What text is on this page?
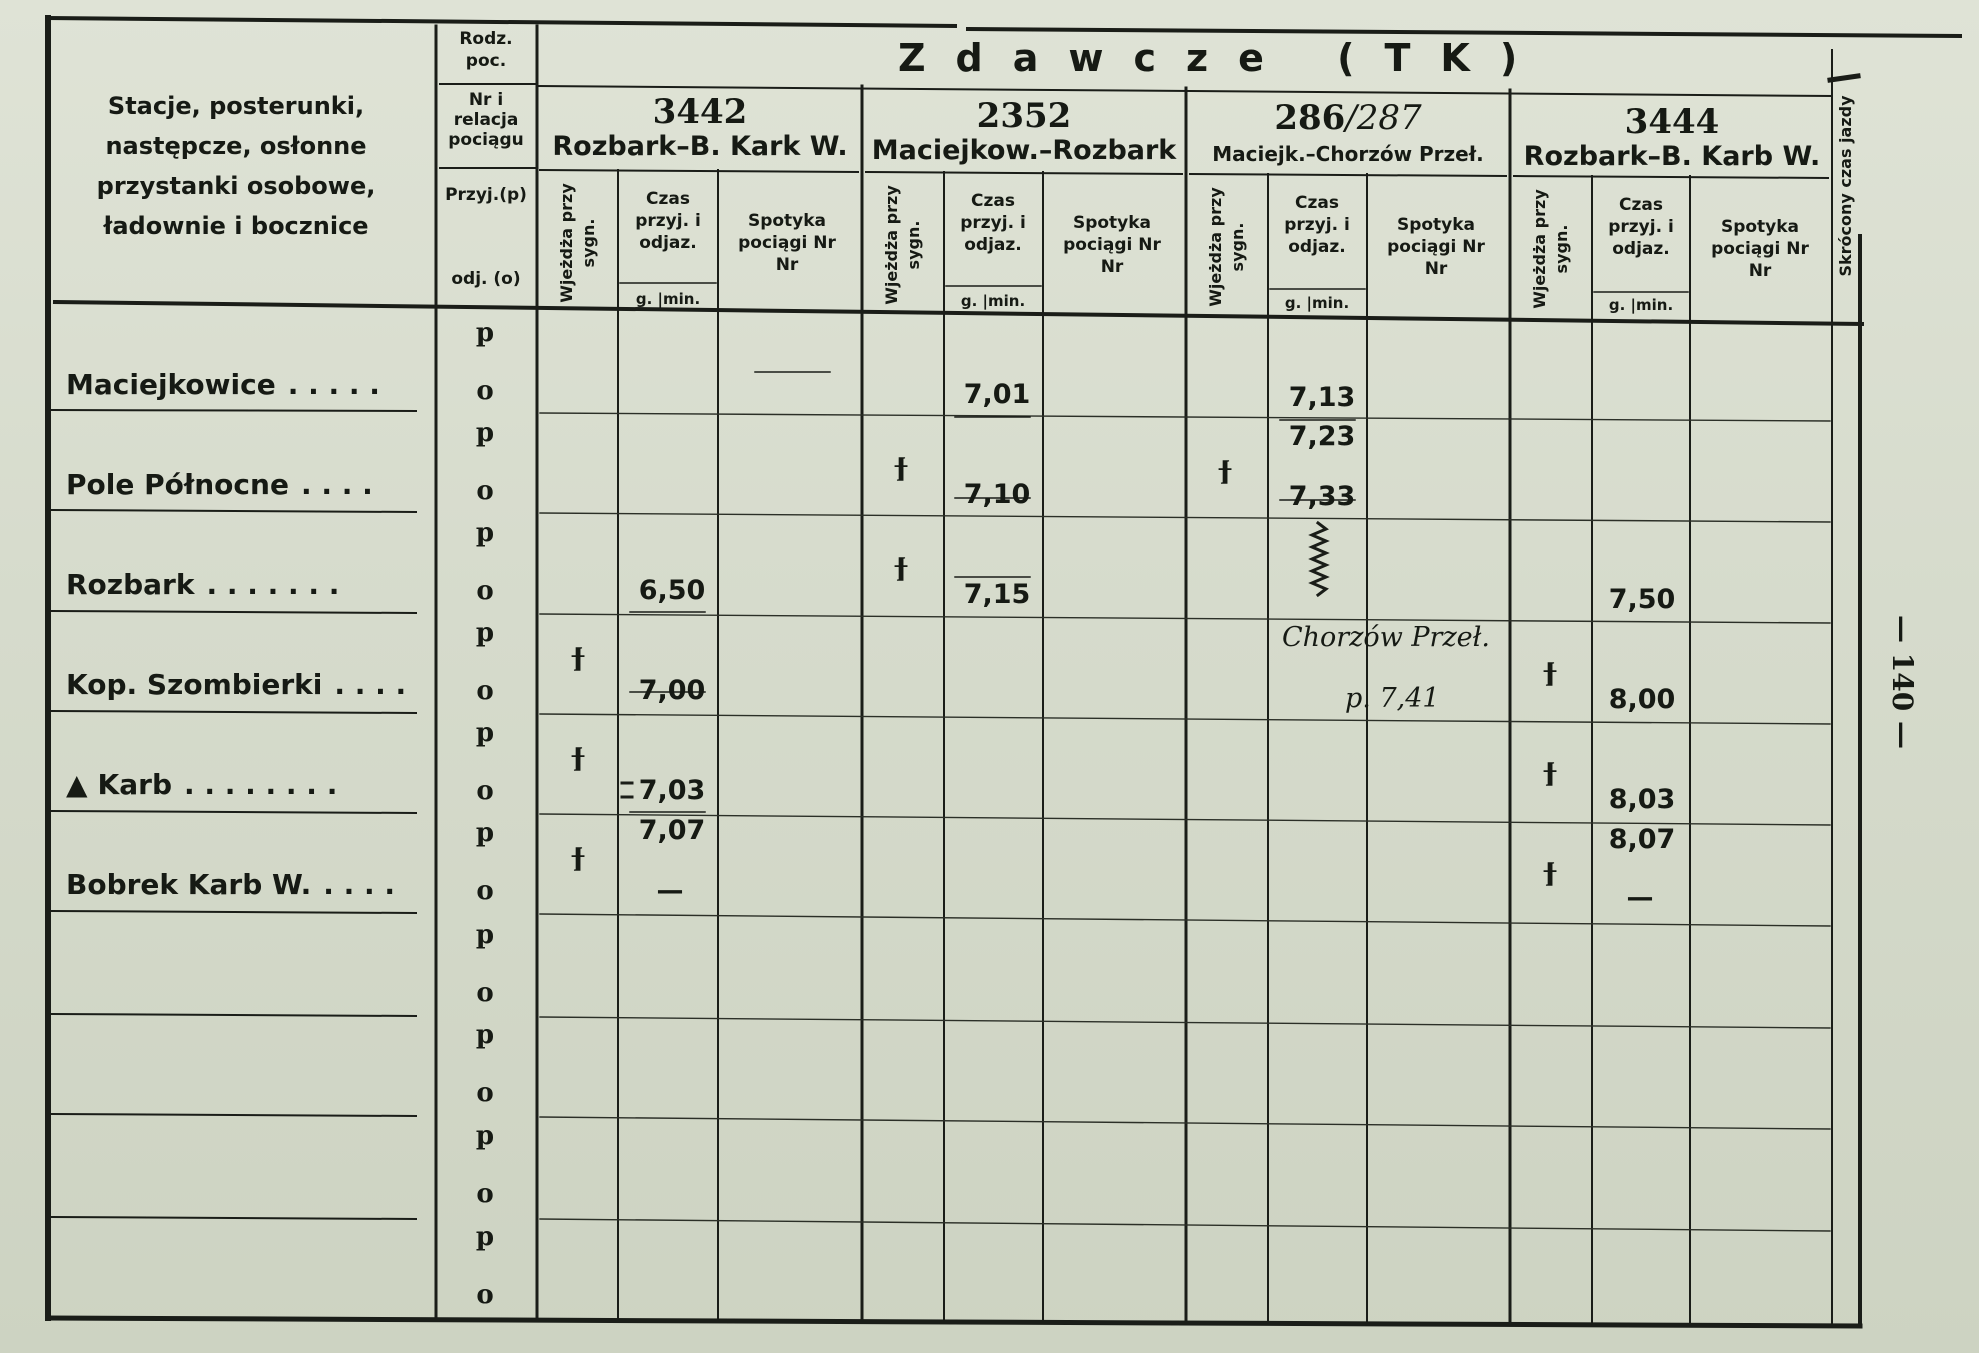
Stacje, posterunki, następcze, osłonne przystanki osobowe, ładownie i bocznice
Rodz. poc.
Nr i relacja pociągu
Przyj.(p)
odj. (o)
Zdawcze (TK)
Skrócony czas jazdy
3442
Rozbark–B. Kark W.
Wjeżdża przy sygn.
Czas przyj. i odjaz.
g. |min.
Spotyka pociągi Nr Nr
2352
Maciejkow.–Rozbark
Wjeżdża przy sygn.
Czas przyj. i odjaz.
g. |min.
Spotyka pociągi Nr Nr
286/287
Maciejk.–Chorzów Przeł.
Wjeżdża przy sygn.
Czas przyj. i odjaz.
g. |min.
Spotyka pociągi Nr Nr
3444
Rozbark–B. Karb W.
Wjeżdża przy sygn.
Czas przyj. i odjaz.
g. |min.
Spotyka pociągi Nr Nr
p
o
p
o
p
o
p
o
p
o
p
o
p
o
p
o
p
o
p
o
Maciejkowice . . . . .
Pole Północne . . . .
Rozbark . . . . . . .
Kop. Szombierki . . . .
▲ Karb . . . . . . . .
Bobrek Karb W. . . . .
ϯ
ϯ
ϯ
ϯ
ϯ
ϯ
ϯ
ϯ
ϯ
6,50
7,00
7,03
7,07
—
7,01
7,10
7,15
7,13
7,23
7,33
Chorzów Przeł.
p. 7,41
7,50
8,00
8,03
8,07
—
— 140 —
